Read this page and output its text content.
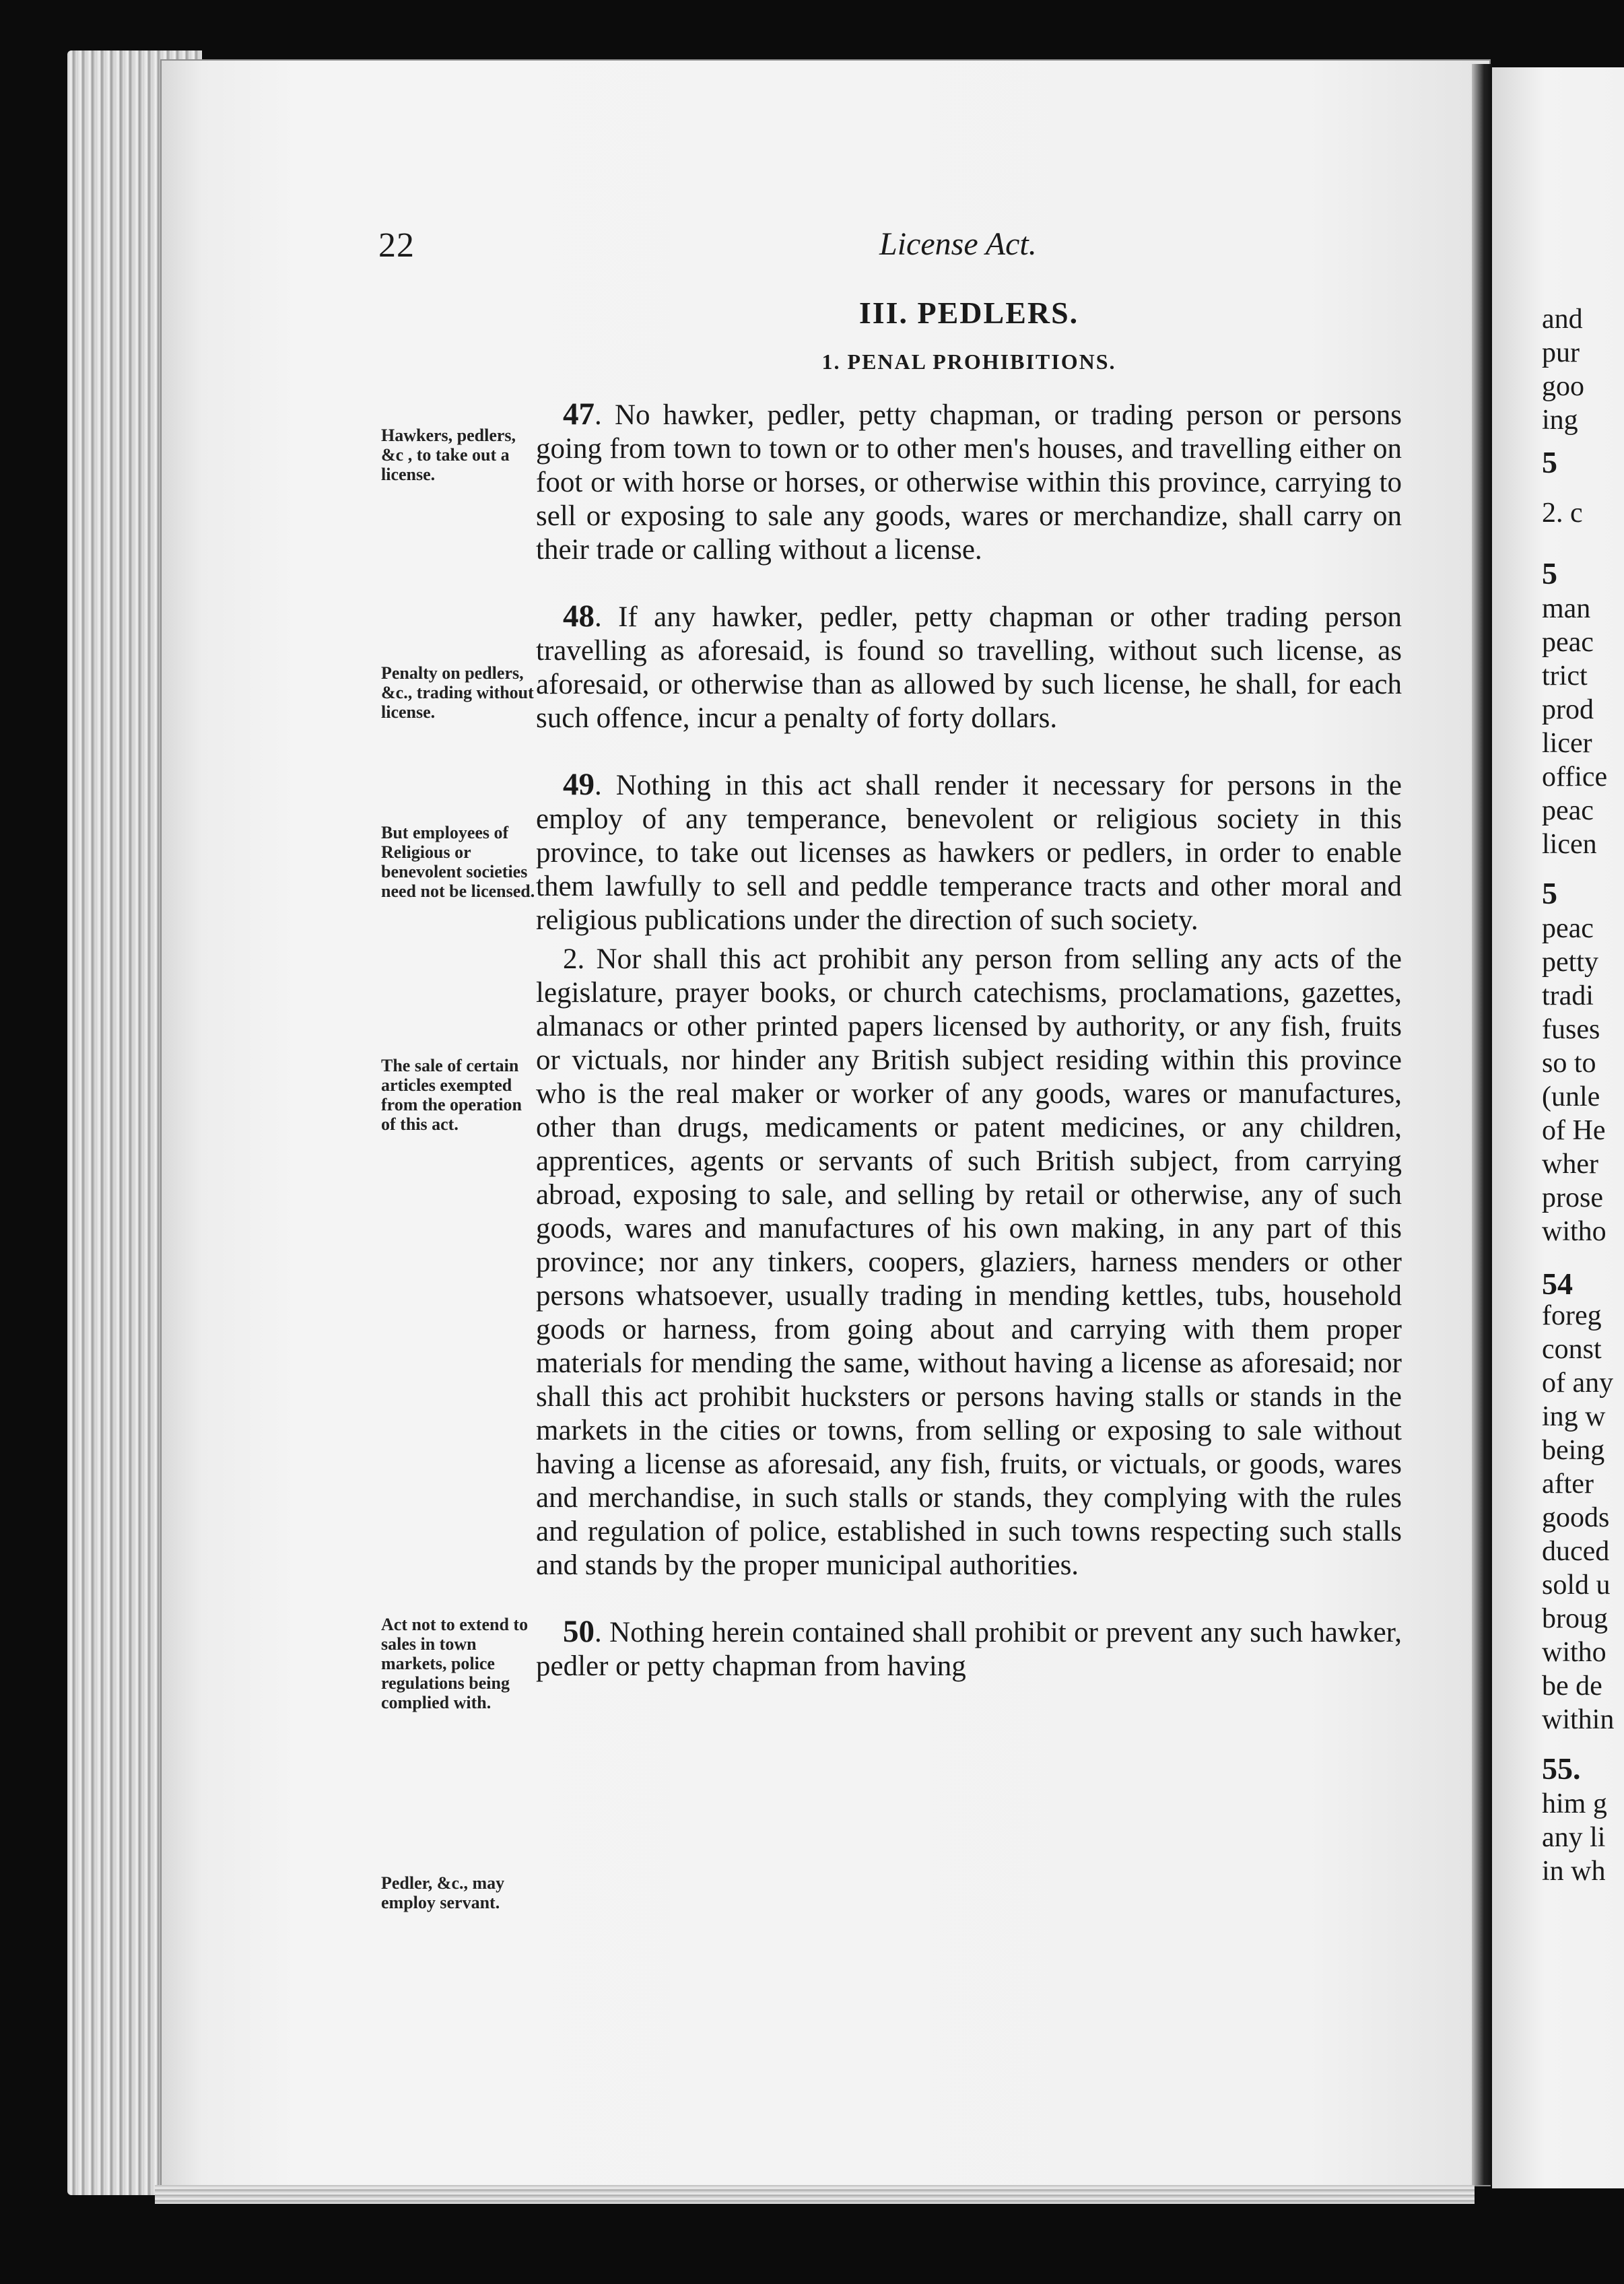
22	License Act.
III. PEDLERS.
1. PENAL PROHIBITIONS.

47. No hawker, pedler, petty chapman, or trading person or persons going from town to town or to other men's houses, and travelling either on foot or with horse or horses, or otherwise within this province, carrying to sell or exposing to sale any goods, wares or merchandize, shall carry on their trade or calling without a license.

48. If any hawker, pedler, petty chapman or other trading person travelling as aforesaid, is found so travelling, without such license, as aforesaid, or otherwise than as allowed by such license, he shall, for each such offence, incur a penalty of forty dollars.

49. Nothing in this act shall render it necessary for persons in the employ of any temperance, benevolent or religious society in this province, to take out licenses as hawkers or pedlers, in order to enable them lawfully to sell and peddle temperance tracts and other moral and religious publications under the direction of such society.

2. Nor shall this act prohibit any person from selling any acts of the legislature, prayer books, or church catechisms, proclamations, gazettes, almanacs or other printed papers licensed by authority, or any fish, fruits or victuals, nor hinder any British subject residing within this province who is the real maker or worker of any goods, wares or manufactures, other than drugs, medicaments or patent medicines, or any children, apprentices, agents or servants of such British subject, from carrying abroad, exposing to sale, and selling by retail or otherwise, any of such goods, wares and manufactures of his own making, in any part of this province; nor any tinkers, coopers, glaziers, harness menders or other persons whatsoever, usually trading in mending kettles, tubs, household goods or harness, from going about and carrying with them proper materials for mending the same, without having a license as aforesaid; nor shall this act prohibit hucksters or persons having stalls or stands in the markets in the cities or towns, from selling or exposing to sale without having a license as aforesaid, any fish, fruits, or victuals, or goods, wares and merchandise, in such stalls or stands, they complying with the rules and regulation of police, established in such towns respecting such stalls and stands by the proper municipal authorities.

50. Nothing herein contained shall prohibit or prevent any such hawker, pedler or petty chapman from having

Hawkers, pedlers, &c , to take out a license.
Penalty on pedlers, &c., trading without license.
But employees of Religious or benevolent societies need not be licensed.
The sale of certain articles exempted from the operation of this act.
Act not to extend to sales in town markets, police regulations being complied with.
Pedler, &c., may employ servant.
and
pur
goo
ing
5
2. c
5
man
peac
trict
prod
licer
office
peac
licen
5
peac
petty
tradi
fuses
so to
(unle
of He
wher
prose
witho
54
foreg
const
of any
ing w
being
after
goods
duced
sold u
broug
witho
be de
within
55.
him g
any li
in wh
